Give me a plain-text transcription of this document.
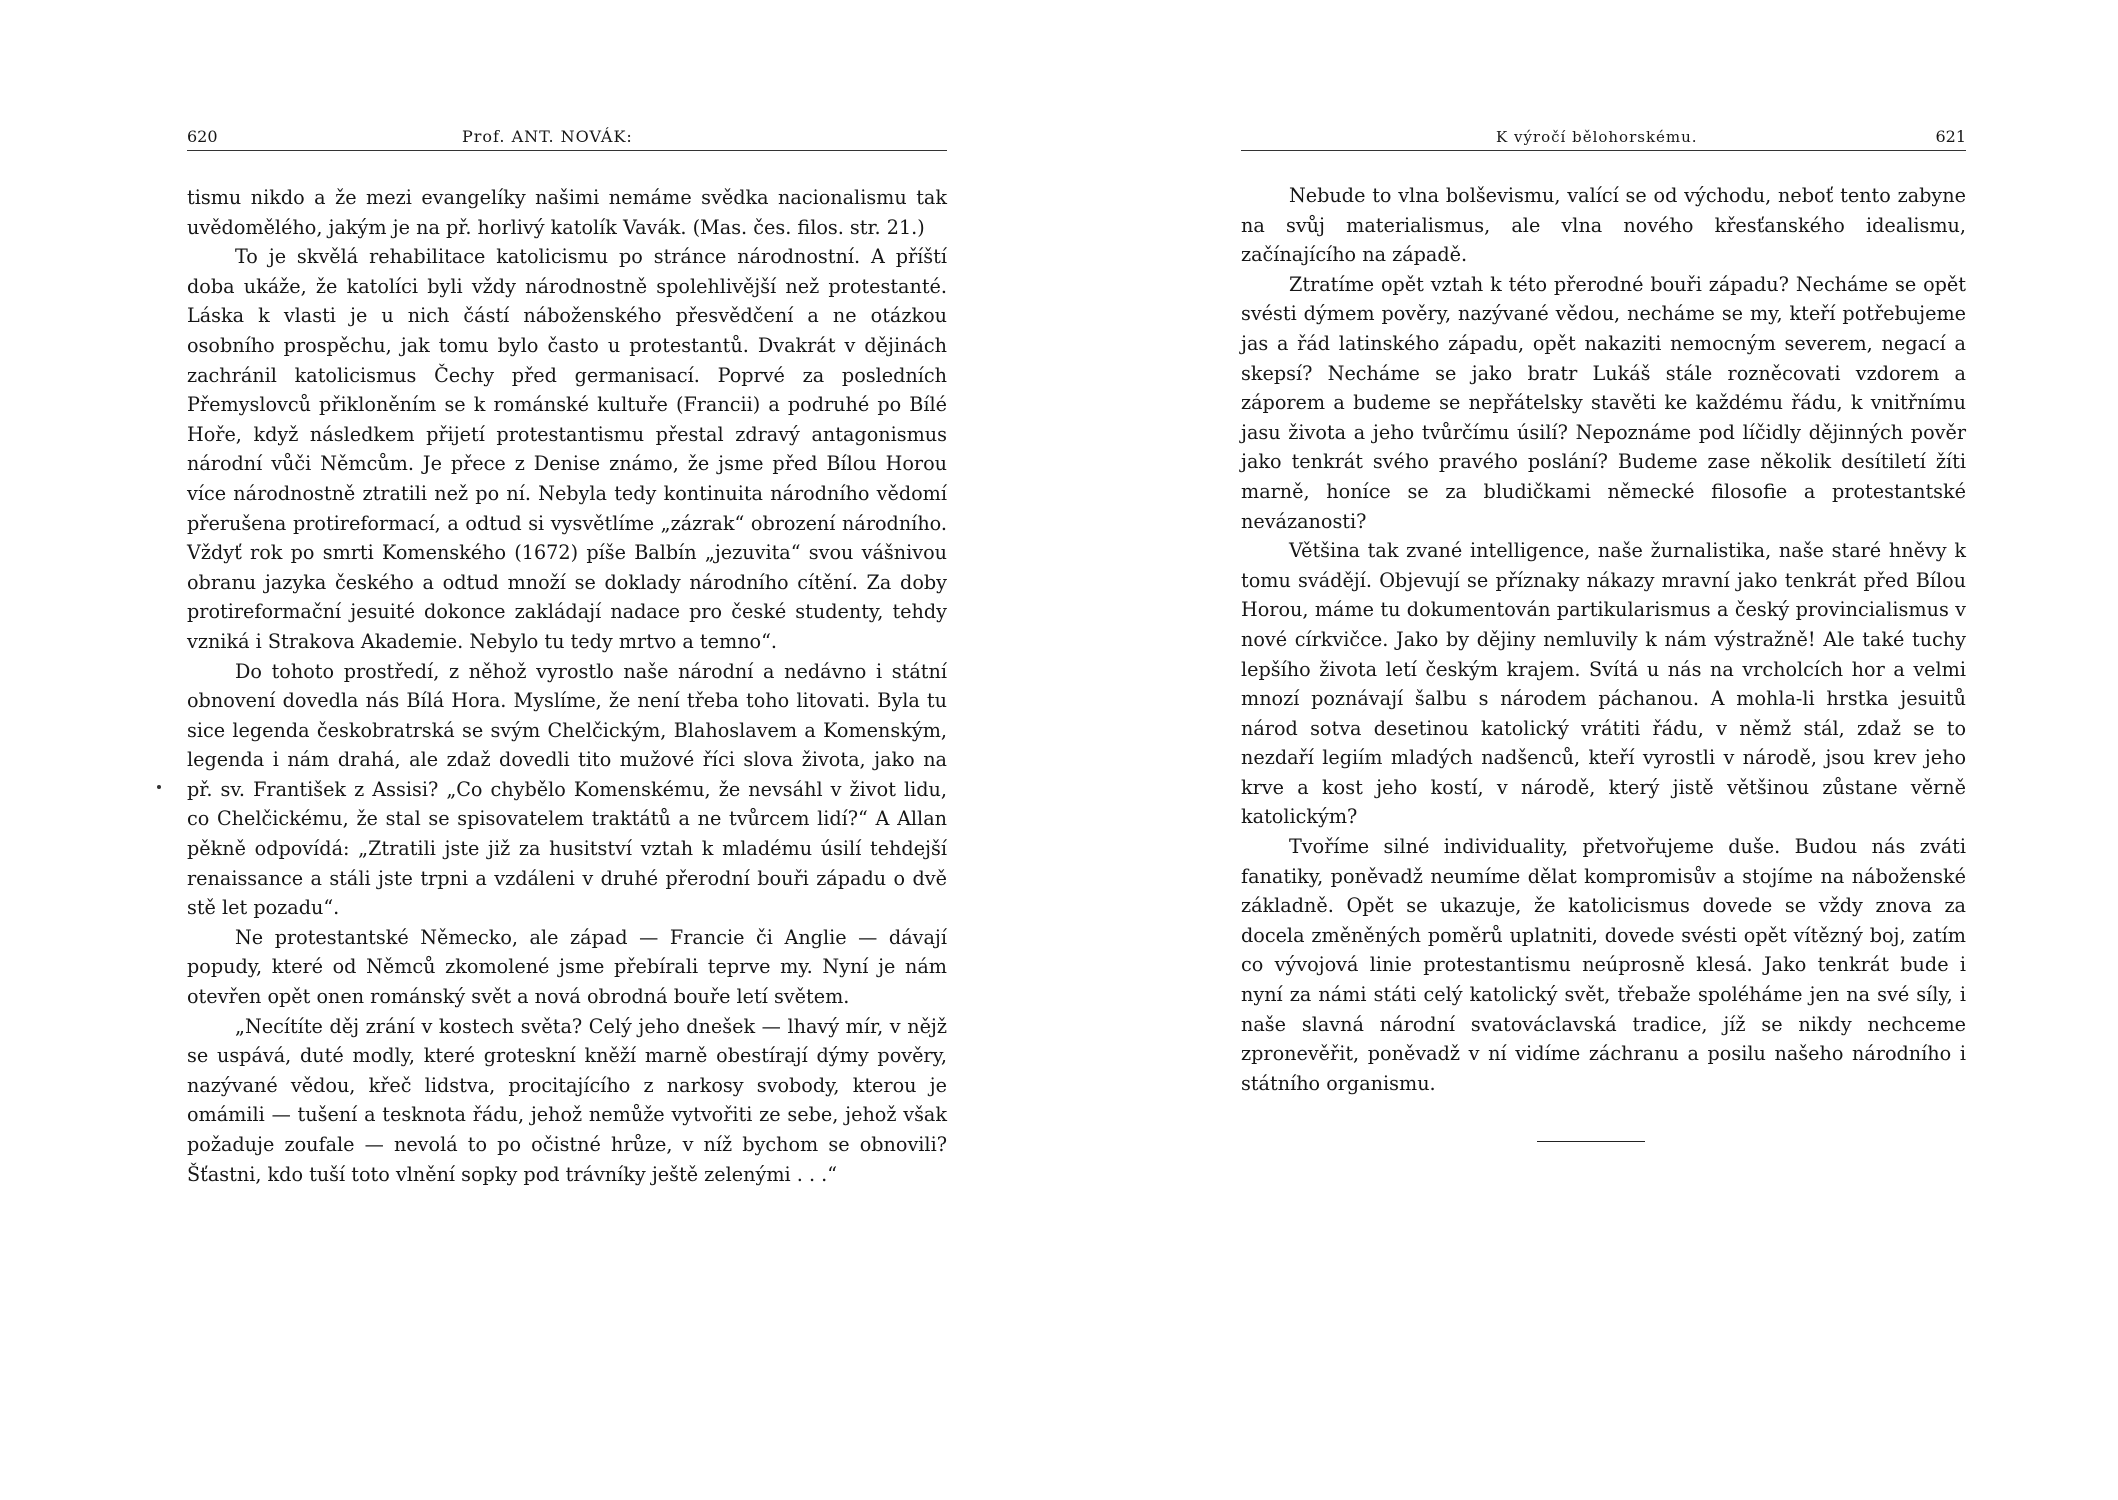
620	Prof. ANT. NOVÁK:

tismu nikdo a že mezi evangelíky našimi nemáme svědka nacionalismu tak uvědomělého, jakým je na př. horlivý katolík Vavák. (Mas. čes. filos. str. 21.)

To je skvělá rehabilitace katolicismu po stránce národnostní. A příští doba ukáže, že katolíci byli vždy národnostně spolehlivější než protestanté. Láska k vlasti je u nich částí náboženského přesvědčení a ne otázkou osobního prospěchu, jak tomu bylo často u protestantů. Dvakrát v dějinách zachránil katolicismus Čechy před germanisací. Poprvé za posledních Přemyslovců přikloněním se k románské kultuře (Francii) a podruhé po Bílé Hoře, když následkem přijetí protestantismu přestal zdravý antagonismus národní vůči Němcům. Je přece z Denise známo, že jsme před Bílou Horou více národnostně ztratili než po ní. Nebyla tedy kontinuita národního vědomí přerušena protireformací, a odtud si vysvětlíme „zázrak“ obrození národního. Vždyť rok po smrti Komenského (1672) píše Balbín „jezuvita“ svou vášnivou obranu jazyka českého a odtud množí se doklady národního cítění. Za doby protireformační jesuité dokonce zakládají nadace pro české studenty, tehdy vzniká i Strakova Akademie. Nebylo tu tedy mrtvo a temno“.

Do tohoto prostředí, z něhož vyrostlo naše národní a nedávno i státní obnovení dovedla nás Bílá Hora. Myslíme, že není třeba toho litovati. Byla tu sice legenda českobratrská se svým Chelčickým, Blahoslavem a Komenským, legenda i nám drahá, ale zdaž dovedli tito mužové říci slova života, jako na př. sv. František z Assisi? „Co chybělo Komenskému, že nevsáhl v život lidu, co Chelčickému, že stal se spisovatelem traktátů a ne tvůrcem lidí?“ A Allan pěkně odpovídá: „Ztratili jste již za husitství vztah k mladému úsilí tehdejší renaissance a stáli jste trpni a vzdáleni v druhé přerodní bouři západu o dvě stě let pozadu“.

Ne protestantské Německo, ale západ — Francie či Anglie — dávají popudy, které od Němců zkomolené jsme přebírali teprve my. Nyní je nám otevřen opět onen románský svět a nová obrodná bouře letí světem.

„Necítíte děj zrání v kostech světa? Celý jeho dnešek — lhavý mír, v nějž se uspává, duté modly, které groteskní kněží marně obestírají dýmy pověry, nazývané vědou, křeč lidstva, procitajícího z narkosy svobody, kterou je omámili — tušení a tesknota řádu, jehož nemůže vytvořiti ze sebe, jehož však požaduje zoufale — nevolá to po očistné hrůze, v níž bychom se obnovili? Šťastni, kdo tuší toto vlnění sopky pod trávníky ještě zelenými . . .“

K výročí bělohorskému.	621

Nebude to vlna bolševismu, valící se od východu, neboť tento zabyne na svůj materialismus, ale vlna nového křesťanského idealismu, začínajícího na západě.

Ztratíme opět vztah k této přerodné bouři západu? Necháme se opět svésti dýmem pověry, nazývané vědou, necháme se my, kteří potřebujeme jas a řád latinského západu, opět nakaziti nemocným severem, negací a skepsí? Necháme se jako bratr Lukáš stále rozněcovati vzdorem a záporem a budeme se nepřátelsky stavěti ke každému řádu, k vnitřnímu jasu života a jeho tvůrčímu úsilí? Nepoznáme pod líčidly dějinných pověr jako tenkrát svého pravého poslání? Budeme zase několik desítiletí žíti marně, honíce se za bludičkami německé filosofie a protestantské nevázanosti?

Většina tak zvané intelligence, naše žurnalistika, naše staré hněvy k tomu svádějí. Objevují se příznaky nákazy mravní jako tenkrát před Bílou Horou, máme tu dokumentován partikularismus a český provincialismus v nové církvičce. Jako by dějiny nemluvily k nám výstražně! Ale také tuchy lepšího života letí českým krajem. Svítá u nás na vrcholcích hor a velmi mnozí poznávají šalbu s národem páchanou. A mohla-li hrstka jesuitů národ sotva desetinou katolický vrátiti řádu, v němž stál, zdaž se to nezdaří legiím mladých nadšenců, kteří vyrostli v národě, jsou krev jeho krve a kost jeho kostí, v národě, který jistě většinou zůstane věrně katolickým?

Tvoříme silné individuality, přetvořujeme duše. Budou nás zváti fanatiky, poněvadž neumíme dělat kompromisův a stojíme na náboženské základně. Opět se ukazuje, že katolicismus dovede se vždy znova za docela změněných poměrů uplatniti, dovede svésti opět vítězný boj, zatím co vývojová linie protestantismu neúprosně klesá. Jako tenkrát bude i nyní za námi státi celý katolický svět, třebaže spoléháme jen na své síly, i naše slavná národní svatováclavská tradice, jíž se nikdy nechceme zpronevěřit, poněvadž v ní vidíme záchranu a posilu našeho národního i státního organismu.
